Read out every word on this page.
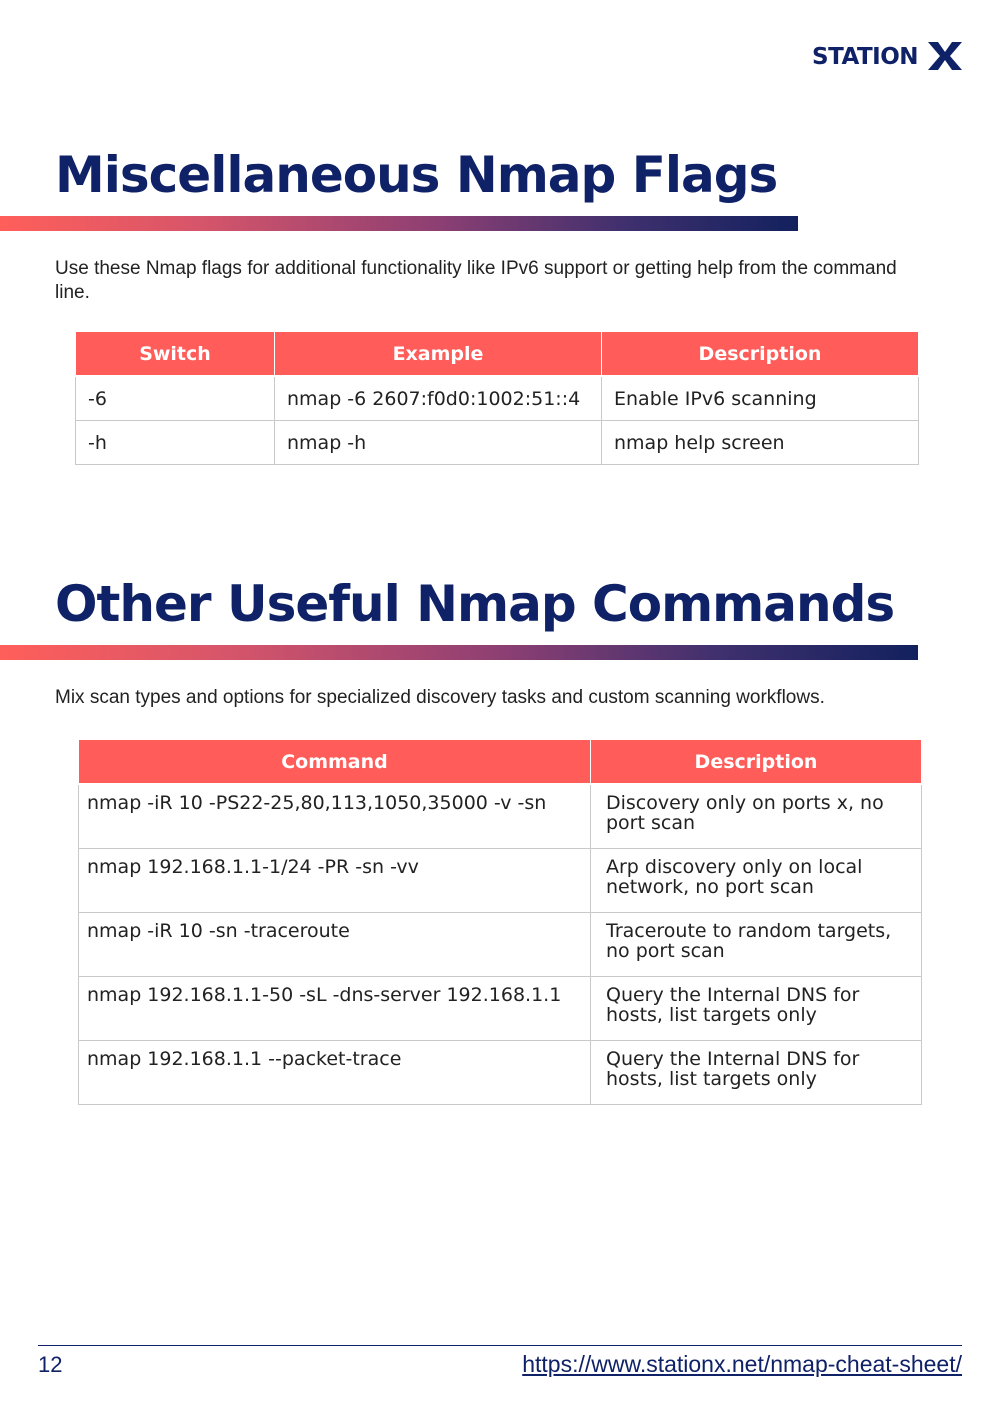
STATION
Miscellaneous Nmap Flags

Use these Nmap flags for additional functionality like IPv6 support or getting help from the command line.

Switch	Example	Description
-6	nmap -6 2607:f0d0:1002:51::4	Enable IPv6 scanning
-h	nmap -h	nmap help screen
Other Useful Nmap Commands

Mix scan types and options for specialized discovery tasks and custom scanning workflows.

Command	Description
nmap -iR 10 -PS22-25,80,113,1050,35000 -v -sn	Discovery only on ports x, no port scan
nmap 192.168.1.1-1/24 -PR -sn -vv	Arp discovery only on local network, no port scan
nmap -iR 10 -sn -traceroute	Traceroute to random targets, no port scan
nmap 192.168.1.1-50 -sL -dns-server 192.168.1.1	Query the Internal DNS for hosts, list targets only
nmap 192.168.1.1 --packet-trace	Query the Internal DNS for hosts, list targets only
12	https://www.stationx.net/nmap-cheat-sheet/
